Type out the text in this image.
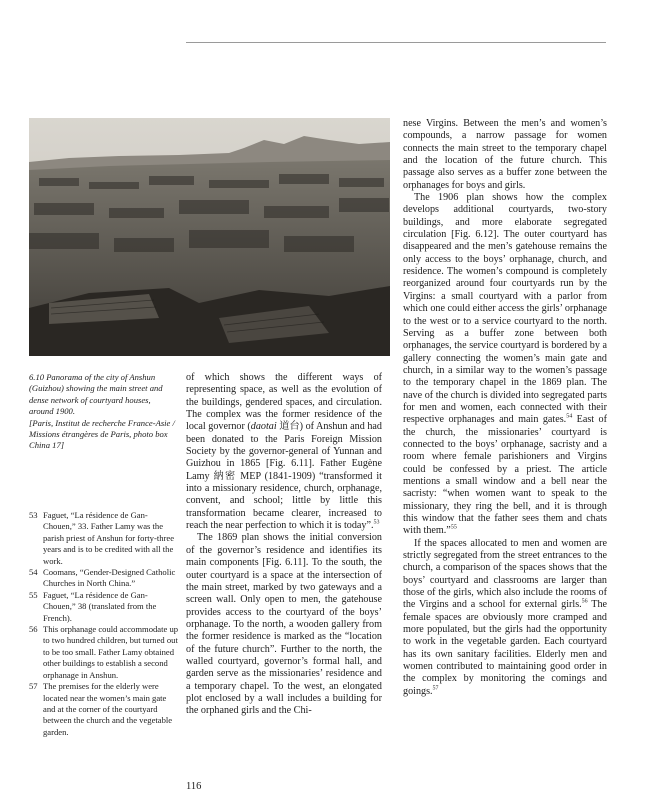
6.10 Panorama of the city of Anshun (Guizhou) showing the main street and dense network of courtyard houses, around 1900.

[Paris, Institut de recherche France-Asie / Missions étrangères de Paris, photo box China 17]

53 Faguet, “La résidence de Gan-Chouen,” 33. Father Lamy was the parish priest of Anshun for forty-three years and is to be credited with all the work.
54 Coomans, “Gender-Designed Catholic Churches in North China.”
55 Faguet, “La résidence de Gan-Chouen,” 38 (translated from the French).
56 This orphanage could accommodate up to two hundred children, but turned out to be too small. Father Lamy obtained other buildings to establish a second orphanage in Anshun.
57 The premises for the elderly were located near the women’s main gate and at the corner of the courtyard between the church and the vegetable garden.

of which shows the different ways of representing space, as well as the evolution of the buildings, gendered spaces, and circulation. The complex was the former residence of the local governor (daotai 道台) of Anshun and had been donated to the Paris Foreign Mission Society by the governor-general of Yunnan and Guizhou in 1865 [Fig. 6.11]. Father Eugène Lamy 納密 MEP (1841-1909) “transformed it into a missionary residence, church, orphanage, convent, and school; little by little this transformation became clearer, increased to reach the near perfection to which it is today”.$^{53}$

The 1869 plan shows the initial conversion of the governor’s residence and identifies its main components [Fig. 6.11]. To the south, the outer courtyard is a space at the intersection of the main street, marked by two gateways and a screen wall. Only open to men, the gatehouse provides access to the courtyard of the boys’ orphanage. To the north, a wooden gallery from the former residence is marked as the “location of the future church”. Further to the north, the walled courtyard, governor’s formal hall, and garden serve as the missionaries’ residence and a temporary chapel. To the west, an elongated plot enclosed by a wall includes a building for the orphaned girls and the Chi-

nese Virgins. Between the men’s and women’s compounds, a narrow passage for women connects the main street to the temporary chapel and the location of the future church. This passage also serves as a buffer zone between the orphanages for boys and girls.

The 1906 plan shows how the complex develops additional courtyards, two-story buildings, and more elaborate segregated circulation [Fig. 6.12]. The outer courtyard has disappeared and the men’s gatehouse remains the only access to the boys’ orphanage, church, and residence. The women’s compound is completely reorganized around four courtyards run by the Virgins: a small courtyard with a parlor from which one could either access the girls’ orphanage to the west or to a service courtyard to the north. Serving as a buffer zone between both orphanages, the service courtyard is bordered by a gallery connecting the women’s main gate and church, in a similar way to the women’s passage to the temporary chapel in the 1869 plan. The nave of the church is divided into segregated parts for men and women, each connected with their respective orphanages and main gates.$^{54}$ East of the church, the missionaries’ courtyard is connected to the boys’ orphanage, sacristy and a room where female parishioners and Virgins could be confessed by a priest. The article mentions a small window and a bell near the sacristy: “when women want to speak to the missionary, they ring the bell, and it is through this window that the father sees them and chats with them.”$^{55}$

If the spaces allocated to men and women are strictly segregated from the street entrances to the church, a comparison of the spaces shows that the boys’ courtyard and classrooms are larger than those of the girls, which also include the rooms of the Virgins and a school for external girls.$^{56}$ The female spaces are obviously more cramped and more populated, but the girls had the opportunity to work in the vegetable garden. Each courtyard has its own sanitary facilities. Elderly men and women contributed to maintaining good order in the complex by monitoring the comings and goings.$^{57}$

116
